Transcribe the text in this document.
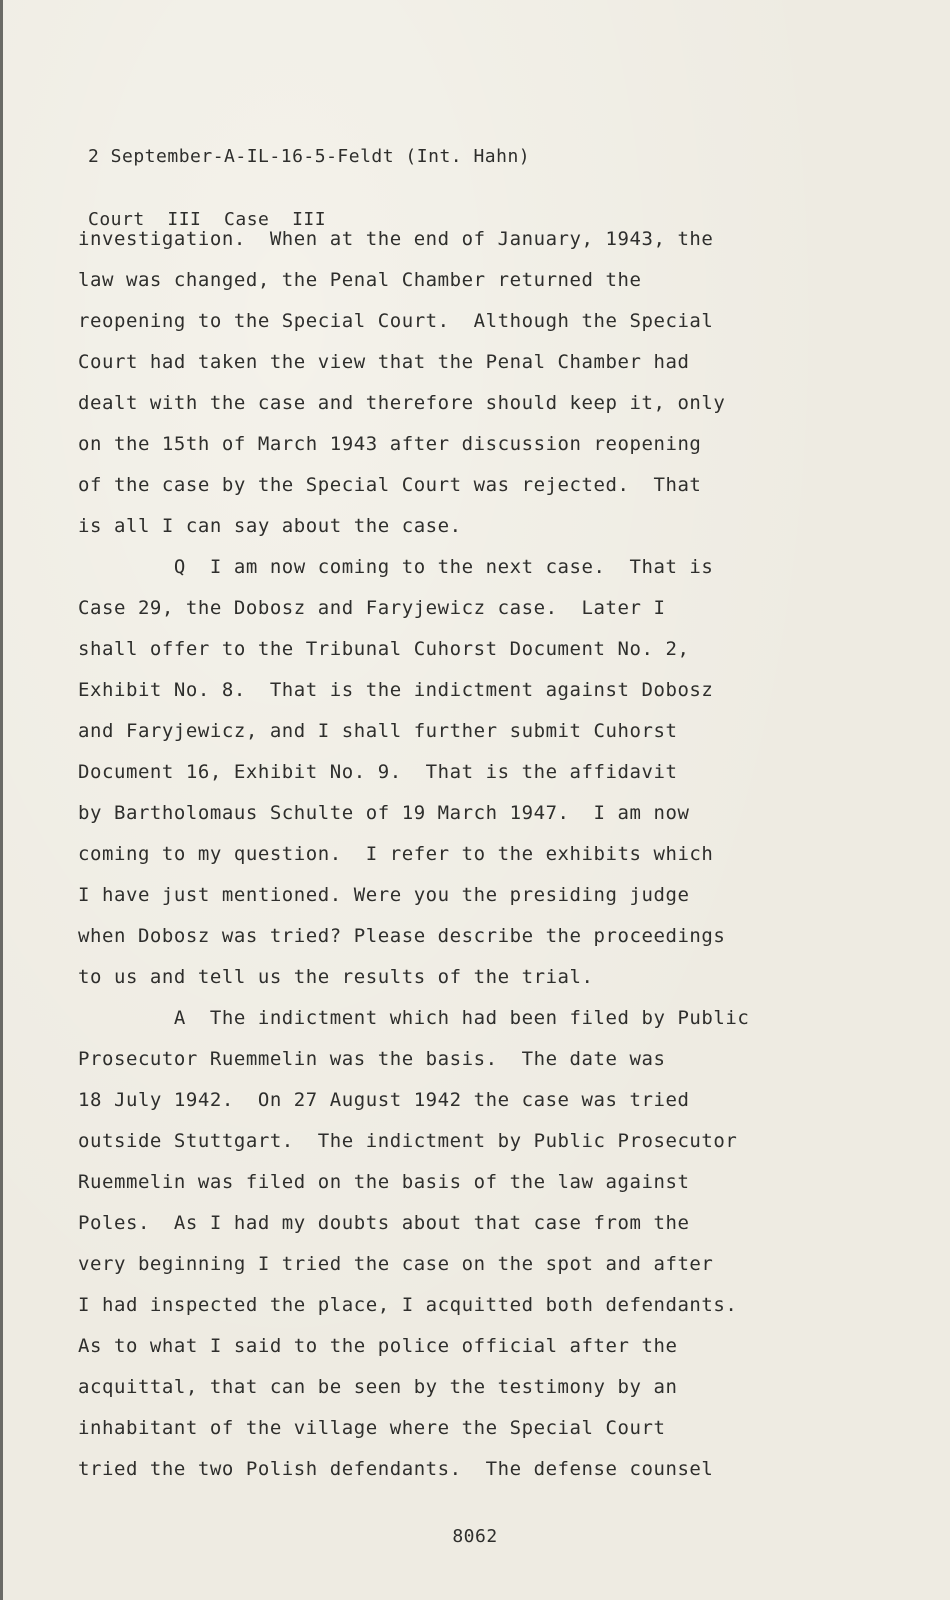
2 September-A-IL-16-5-Feldt (Int. Hahn)

Court  III  Case  III

investigation.  When at the end of January, 1943, the
law was changed, the Penal Chamber returned the
reopening to the Special Court.  Although the Special
Court had taken the view that the Penal Chamber had
dealt with the case and therefore should keep it, only
on the 15th of March 1943 after discussion reopening
of the case by the Special Court was rejected.  That
is all I can say about the case.
Q  I am now coming to the next case.  That is
Case 29, the Dobosz and Faryjewicz case.  Later I
shall offer to the Tribunal Cuhorst Document No. 2,
Exhibit No. 8.  That is the indictment against Dobosz
and Faryjewicz, and I shall further submit Cuhorst
Document 16, Exhibit No. 9.  That is the affidavit
by Bartholomaus Schulte of 19 March 1947.  I am now
coming to my question.  I refer to the exhibits which
I have just mentioned. Were you the presiding judge
when Dobosz was tried? Please describe the proceedings
to us and tell us the results of the trial.
A  The indictment which had been filed by Public
Prosecutor Ruemmelin was the basis.  The date was
18 July 1942.  On 27 August 1942 the case was tried
outside Stuttgart.  The indictment by Public Prosecutor
Ruemmelin was filed on the basis of the law against
Poles.  As I had my doubts about that case from the
very beginning I tried the case on the spot and after
I had inspected the place, I acquitted both defendants.
As to what I said to the police official after the
acquittal, that can be seen by the testimony by an
inhabitant of the village where the Special Court
tried the two Polish defendants.  The defense counsel
8062
